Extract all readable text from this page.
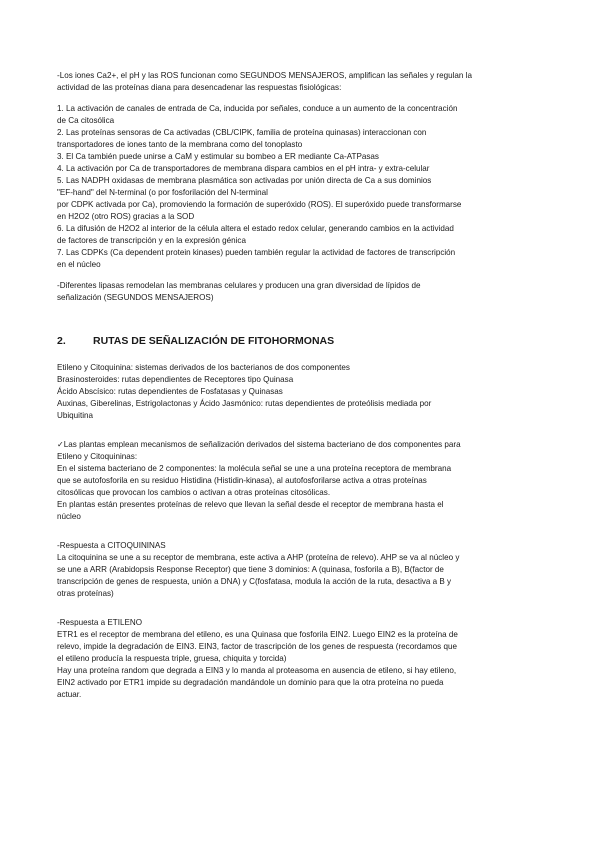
-Los iones Ca2+, el pH y las ROS funcionan como SEGUNDOS MENSAJEROS, amplifican las señales y regulan la
actividad de las proteínas diana para desencadenar las respuestas fisiológicas:
1. La activación de canales de entrada de Ca, inducida por señales, conduce a un aumento de la concentración
de Ca citosólica
2. Las proteínas sensoras de Ca activadas (CBL/CIPK, familia de proteína quinasas) interaccionan con
transportadores de iones tanto de la membrana como del tonoplasto
3. El Ca también puede unirse a CaM y estimular su bombeo a ER mediante Ca-ATPasas
4. La activación por Ca de transportadores de membrana dispara cambios en el pH intra- y extra-celular
5. Las NADPH oxidasas de membrana plasmática son activadas por unión directa de Ca a sus dominios
"EF-hand" del N-terminal (o por fosforilación del N-terminal
por CDPK activada por Ca), promoviendo la formación de superóxido (ROS). El superóxido puede transformarse
en H2O2 (otro ROS) gracias a la SOD
6. La difusión de H2O2 al interior de la célula altera el estado redox celular, generando cambios en la actividad
de factores de transcripción y en la expresión génica
7. Las CDPKs (Ca dependent protein kinases) pueden también regular la actividad de factores de transcripción
en el núcleo
-Diferentes lipasas remodelan las membranas celulares y producen una gran diversidad de lípidos de
señalización (SEGUNDOS MENSAJEROS)
2.	RUTAS DE SEÑALIZACIÓN DE FITOHORMONAS
Etileno y Citoquinina: sistemas derivados de los bacterianos de dos componentes
Brasinosteroides: rutas dependientes de Receptores tipo Quinasa
Ácido Abscísico: rutas dependientes de Fosfatasas y Quinasas
Auxinas, Giberelinas, Estrigolactonas y Ácido Jasmónico: rutas dependientes de proteólisis mediada por
Ubiquitina
✓Las plantas emplean mecanismos de señalización derivados del sistema bacteriano de dos componentes para
Etileno y Citoquininas:
En el sistema bacteriano de 2 componentes: la molécula señal se une a una proteína receptora de membrana
que se autofosforila en su residuo Histidina (Histidin-kinasa), al autofosforilarse activa a otras proteínas
citosólicas que provocan los cambios o activan a otras proteínas citosólicas.
En plantas están presentes proteínas de relevo que llevan la señal desde el receptor de membrana hasta el
núcleo
-Respuesta a CITOQUININAS
La citoquinina se une a su receptor de membrana, este activa a AHP (proteína de relevo). AHP se va al núcleo y
se une a ARR (Arabidopsis Response Receptor) que tiene 3 dominios: A (quinasa, fosforila a B), B(factor de
transcripción de genes de respuesta, unión a DNA) y C(fosfatasa, modula la acción de la ruta, desactiva a B y
otras proteínas)
-Respuesta a ETILENO
ETR1 es el receptor de membrana del etileno, es una Quinasa que fosforila EIN2. Luego EIN2 es la proteína de
relevo, impide la degradación de EIN3. EIN3, factor de trascripción de los genes de respuesta (recordamos que
el etileno producía la respuesta triple, gruesa, chiquita y torcida)
Hay una proteína random que degrada a EIN3 y lo manda al proteasoma en ausencia de etileno, si hay etileno,
EIN2 activado por ETR1 impide su degradación mandándole un dominio para que la otra proteína no pueda
actuar.
